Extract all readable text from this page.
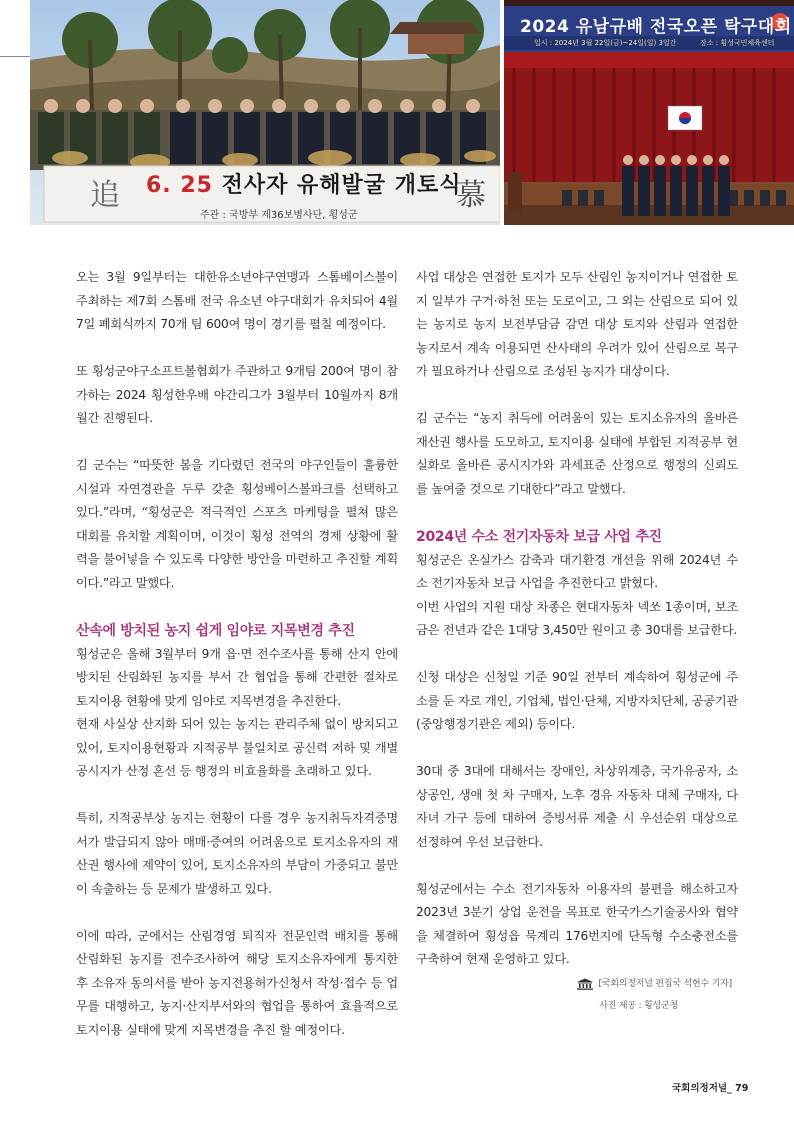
追 6. 25 전사자 유해발굴 개토식
慕
주관 : 국방부 제36보병사단, 횡성군
2024 유남규배 전국오픈 탁구대회
일시 : 2024년 3월 22일(금)~24일(일) 3일간	장소 : 횡성국민체육센터

오는 3월 9일부터는 대한유소년야구연맹과 스톰베이스볼이 주최하는 제7회 스톰배 전국 유소년 야구대회가 유치되어 4월 7일 폐회식까지 70개 팀 600여 명이 경기를 펼칠 예정이다.

또 횡성군야구소프트볼협회가 주관하고 9개팀 200여 명이 참가하는 2024 횡성한우배 야간리그가 3월부터 10월까지 8개월간 진행된다.

김 군수는 “따뜻한 봄을 기다렸던 전국의 야구인들이 훌륭한 시설과 자연경관을 두루 갖춘 횡성베이스볼파크를 선택하고 있다.”라며, “횡성군은 적극적인 스포츠 마케팅을 펼쳐 많은 대회를 유치할 계획이며, 이것이 횡성 전역의 경제 상황에 활력을 불어넣을 수 있도록 다양한 방안을 마련하고 추진할 계획이다.”라고 말했다.

산속에 방치된 농지 쉽게 임야로 지목변경 추진

횡성군은 올해 3월부터 9개 읍·면 전수조사를 통해 산지 안에 방치된 산림화된 농지를 부서 간 협업을 통해 간편한 절차로 토지이용 현황에 맞게 임야로 지목변경을 추진한다.

현재 사실상 산지화 되어 있는 농지는 관리주체 없이 방치되고 있어, 토지이용현황과 지적공부 불일치로 공신력 저하 및 개별공시지가 산정 혼선 등 행정의 비효율화를 초래하고 있다.

특히, 지적공부상 농지는 현황이 다를 경우 농지취득자격증명서가 발급되지 않아 매매·증여의 어려움으로 토지소유자의 재산권 행사에 제약이 있어, 토지소유자의 부담이 가중되고 불만이 속출하는 등 문제가 발생하고 있다.

이에 따라, 군에서는 산림경영 퇴직자 전문인력 배치를 통해 산림화된 농지를 전수조사하여 해당 토지소유자에게 통지한 후 소유자 동의서를 받아 농지전용허가신청서 작성·접수 등 업무를 대행하고, 농지·산지부서와의 협업을 통하여 효율적으로 토지이용 실태에 맞게 지목변경을 추진 할 예정이다.

사업 대상은 연접한 토지가 모두 산림인 농지이거나 연접한 토지 일부가 구거·하천 또는 도로이고, 그 외는 산림으로 되어 있는 농지로 농지 보전부담금 감면 대상 토지와 산림과 연접한 농지로서 계속 이용되면 산사태의 우려가 있어 산림으로 복구가 필요하거나 산림으로 조성된 농지가 대상이다.

김 군수는 “농지 취득에 어려움이 있는 토지소유자의 올바른 재산권 행사를 도모하고, 토지이용 실태에 부합된 지적공부 현실화로 올바른 공시지가와 과세표준 산정으로 행정의 신뢰도를 높여줄 것으로 기대한다”라고 말했다.

2024년 수소 전기자동차 보급 사업 추진

횡성군은 온실가스 감축과 대기환경 개선을 위해 2024년 수소 전기자동차 보급 사업을 추진한다고 밝혔다.

이번 사업의 지원 대상 차종은 현대자동차 넥쏘 1종이며, 보조금은 전년과 같은 1대당 3,450만 원이고 총 30대를 보급한다.

신청 대상은 신청일 기준 90일 전부터 계속하여 횡성군에 주소를 둔 자로 개인, 기업체, 법인·단체, 지방자치단체, 공공기관(중앙행정기관은 제외) 등이다.

30대 중 3대에 대해서는 장애인, 차상위계층, 국가유공자, 소상공인, 생애 첫 차 구매자, 노후 경유 자동차 대체 구매자, 다자녀 가구 등에 대하여 증빙서류 제출 시 우선순위 대상으로 선정하여 우선 보급한다.

횡성군에서는 수소 전기자동차 이용자의 불편을 해소하고자 2023년 3분기 상업 운전을 목표로 한국가스기술공사와 협약을 체결하여 횡성읍 묵계리 176번지에 단독형 수소충전소를 구축하여 현재 운영하고 있다.

[국회의정저널 편집국 석현수 기자]
사진 제공 : 횡성군청
국회의정저널_ 79
